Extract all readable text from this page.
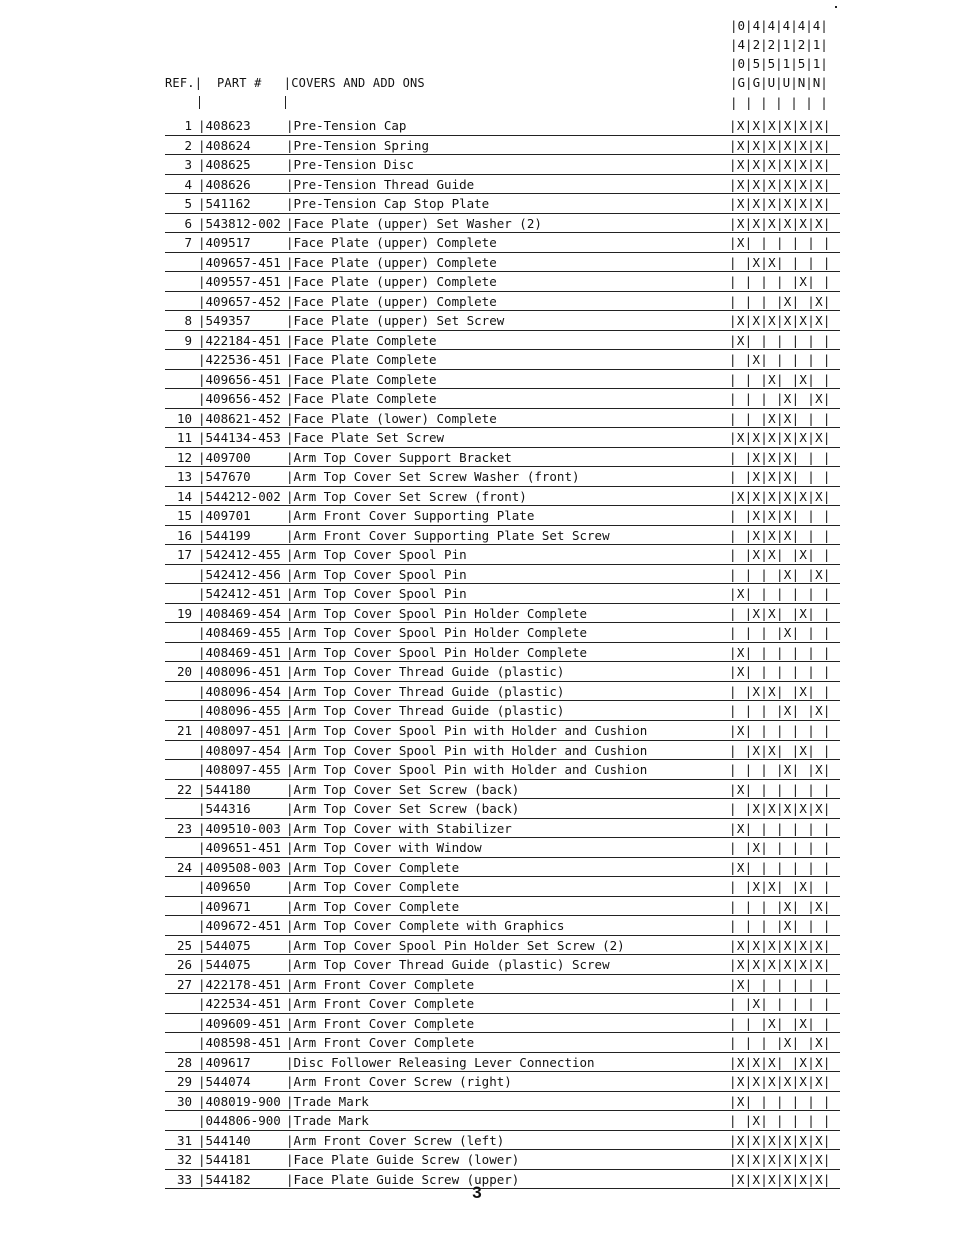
|0|4|4|4|4|4|
|4|2|2|1|2|1|
|0|5|5|1|5|1|
|G|G|U|U|N|N|
REF.|  PART #   |COVERS AND ADD ONS
| | | | | | |
1 |408623	|Pre-Tension Cap	|X|X|X|X|X|X|
2 |408624	|Pre-Tension Spring	|X|X|X|X|X|X|
3 |408625	|Pre-Tension Disc	|X|X|X|X|X|X|
4 |408626	|Pre-Tension Thread Guide	|X|X|X|X|X|X|
5 |541162	|Pre-Tension Cap Stop Plate	|X|X|X|X|X|X|
6 |543812-002 |Face Plate (upper) Set Washer (2)	|X|X|X|X|X|X|
7 |409517	|Face Plate (upper) Complete	|X| | | | | |
|409657-451 |Face Plate (upper) Complete	| |X|X| | | |
|409557-451 |Face Plate (upper) Complete	| | | | |X| |
|409657-452 |Face Plate (upper) Complete	| | | |X| |X|
8 |549357	|Face Plate (upper) Set Screw	|X|X|X|X|X|X|
9 |422184-451 |Face Plate Complete	|X| | | | | |
|422536-451 |Face Plate Complete	| |X| | | | |
|409656-451 |Face Plate Complete	| | |X| |X| |
|409656-452 |Face Plate Complete	| | | |X| |X|
10 |408621-452 |Face Plate (lower) Complete	| | |X|X| | |
11 |544134-453 |Face Plate Set Screw	|X|X|X|X|X|X|
12 |409700	|Arm Top Cover Support Bracket	| |X|X|X| | |
13 |547670	|Arm Top Cover Set Screw Washer (front)	| |X|X|X| | |
14 |544212-002 |Arm Top Cover Set Screw (front)	|X|X|X|X|X|X|
15 |409701	|Arm Front Cover Supporting Plate	| |X|X|X| | |
16 |544199	|Arm Front Cover Supporting Plate Set Screw	| |X|X|X| | |
17 |542412-455 |Arm Top Cover Spool Pin	| |X|X| |X| |
|542412-456 |Arm Top Cover Spool Pin	| | | |X| |X|
|542412-451 |Arm Top Cover Spool Pin	|X| | | | | |
19 |408469-454 |Arm Top Cover Spool Pin Holder Complete	| |X|X| |X| |
|408469-455 |Arm Top Cover Spool Pin Holder Complete	| | | |X| | |
|408469-451 |Arm Top Cover Spool Pin Holder Complete	|X| | | | | |
20 |408096-451 |Arm Top Cover Thread Guide (plastic)	|X| | | | | |
|408096-454 |Arm Top Cover Thread Guide (plastic)	| |X|X| |X| |
|408096-455 |Arm Top Cover Thread Guide (plastic)	| | | |X| |X|
21 |408097-451 |Arm Top Cover Spool Pin with Holder and Cushion	|X| | | | | |
|408097-454 |Arm Top Cover Spool Pin with Holder and Cushion	| |X|X| |X| |
|408097-455 |Arm Top Cover Spool Pin with Holder and Cushion	| | | |X| |X|
22 |544180	|Arm Top Cover Set Screw (back)	|X| | | | | |
|544316	|Arm Top Cover Set Screw (back)	| |X|X|X|X|X|
23 |409510-003 |Arm Top Cover with Stabilizer	|X| | | | | |
|409651-451 |Arm Top Cover with Window	| |X| | | | |
24 |409508-003 |Arm Top Cover Complete	|X| | | | | |
|409650	|Arm Top Cover Complete	| |X|X| |X| |
|409671	|Arm Top Cover Complete	| | | |X| |X|
|409672-451 |Arm Top Cover Complete with Graphics	| | | |X| | |
25 |544075	|Arm Top Cover Spool Pin Holder Set Screw (2)	|X|X|X|X|X|X|
26 |544075	|Arm Top Cover Thread Guide (plastic) Screw	|X|X|X|X|X|X|
27 |422178-451 |Arm Front Cover Complete	|X| | | | | |
|422534-451 |Arm Front Cover Complete	| |X| | | | |
|409609-451 |Arm Front Cover Complete	| | |X| |X| |
|408598-451 |Arm Front Cover Complete	| | | |X| |X|
28 |409617	|Disc Follower Releasing Lever Connection	|X|X|X| |X|X|
29 |544074	|Arm Front Cover Screw (right)	|X|X|X|X|X|X|
30 |408019-900 |Trade Mark	|X| | | | | |
|044806-900 |Trade Mark	| |X| | | | |
31 |544140	|Arm Front Cover Screw (left)	|X|X|X|X|X|X|
32 |544181	|Face Plate Guide Screw (lower)	|X|X|X|X|X|X|
33 |544182	|Face Plate Guide Screw (upper)	|X|X|X|X|X|X|
3
